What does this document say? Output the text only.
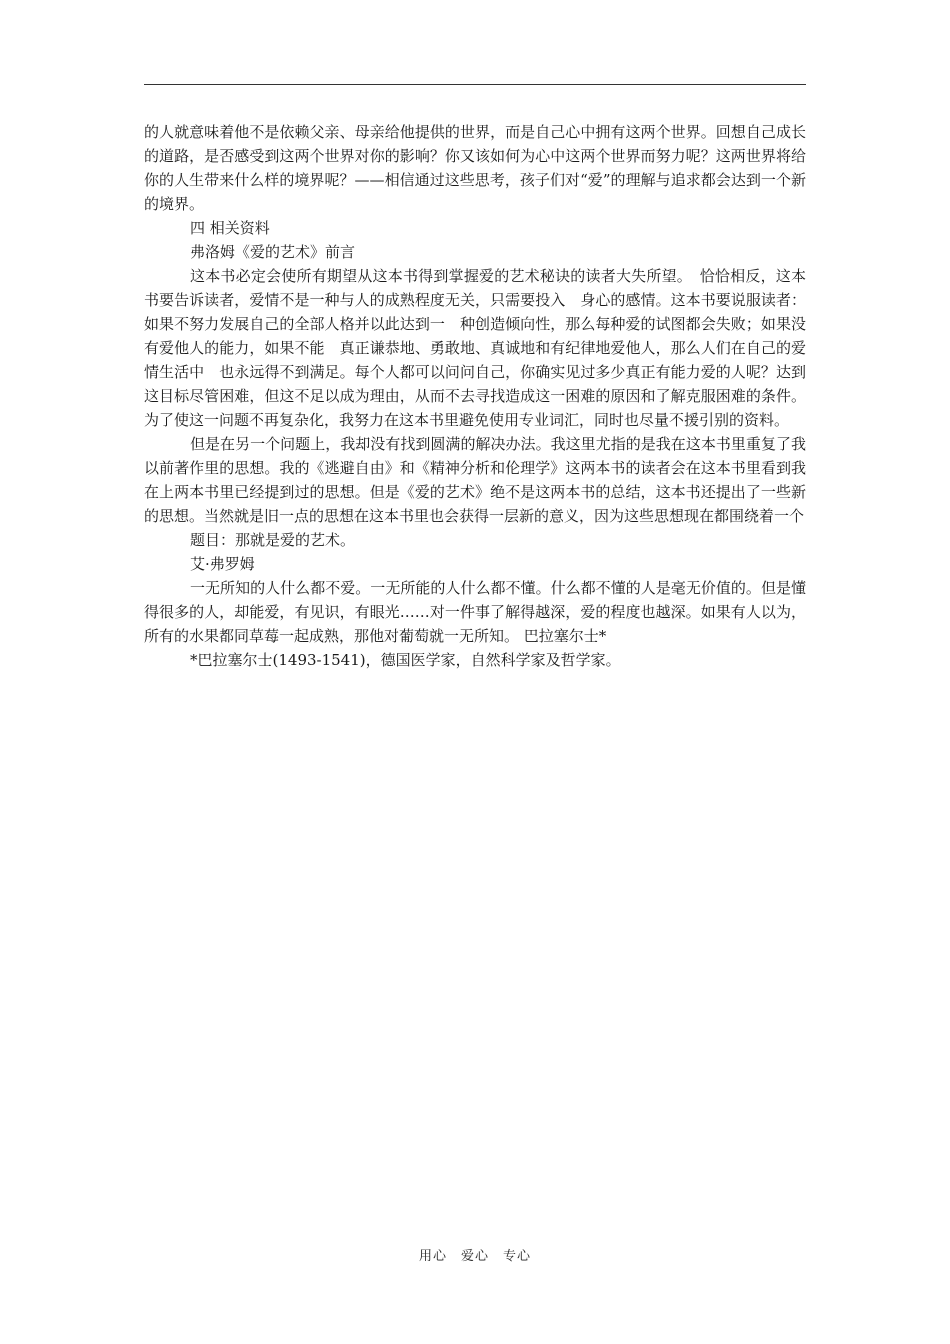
的人就意味着他不是依赖父亲、母亲给他提供的世界，而是自己心中拥有这两个世界。回想自己成长的道路，是否感受到这两个世界对你的影响？你又该如何为心中这两个世界而努力呢？这两世界将给你的人生带来什么样的境界呢？——相信通过这些思考，孩子们对“爱”的理解与追求都会达到一个新的境界。

四 相关资料

弗洛姆《爱的艺术》前言

这本书必定会使所有期望从这本书得到掌握爱的艺术秘诀的读者大失所望。　恰恰相反，这本书要告诉读者，爱情不是一种与人的成熟程度无关，只需要投入　身心的感情。这本书要说服读者：如果不努力发展自己的全部人格并以此达到一　种创造倾向性，那么每种爱的试图都会失败；如果没有爱他人的能力，如果不能　真正谦恭地、勇敢地、真诚地和有纪律地爱他人，那么人们在自己的爱情生活中　也永远得不到满足。每个人都可以问问自己，你确实见过多少真正有能力爱的人呢？达到这目标尽管困难，但这不足以成为理由，从而不去寻找造成这一困难的原因和了解克服困难的条件。为了使这一问题不再复杂化，我努力在这本书里避免使用专业词汇，同时也尽量不援引别的资料。

但是在另一个问题上，我却没有找到圆满的解决办法。我这里尤指的是我在这本书里重复了我以前著作里的思想。我的《逃避自由》和《精神分析和伦理学》这两本书的读者会在这本书里看到我在上两本书里已经提到过的思想。但是《爱的艺术》绝不是这两本书的总结，这本书还提出了一些新的思想。当然就是旧一点的思想在这本书里也会获得一层新的意义，因为这些思想现在都围绕着一个

题目：那就是爱的艺术。

艾·弗罗姆

一无所知的人什么都不爱。一无所能的人什么都不懂。什么都不懂的人是毫无价值的。但是懂得很多的人，却能爱，有见识，有眼光……对一件事了解得越深，爱的程度也越深。如果有人以为，所有的水果都同草莓一起成熟，那他对葡萄就一无所知。 巴拉塞尔士*

*巴拉塞尔士(1493-1541)，德国医学家，自然科学家及哲学家。

用心　爱心　专心
